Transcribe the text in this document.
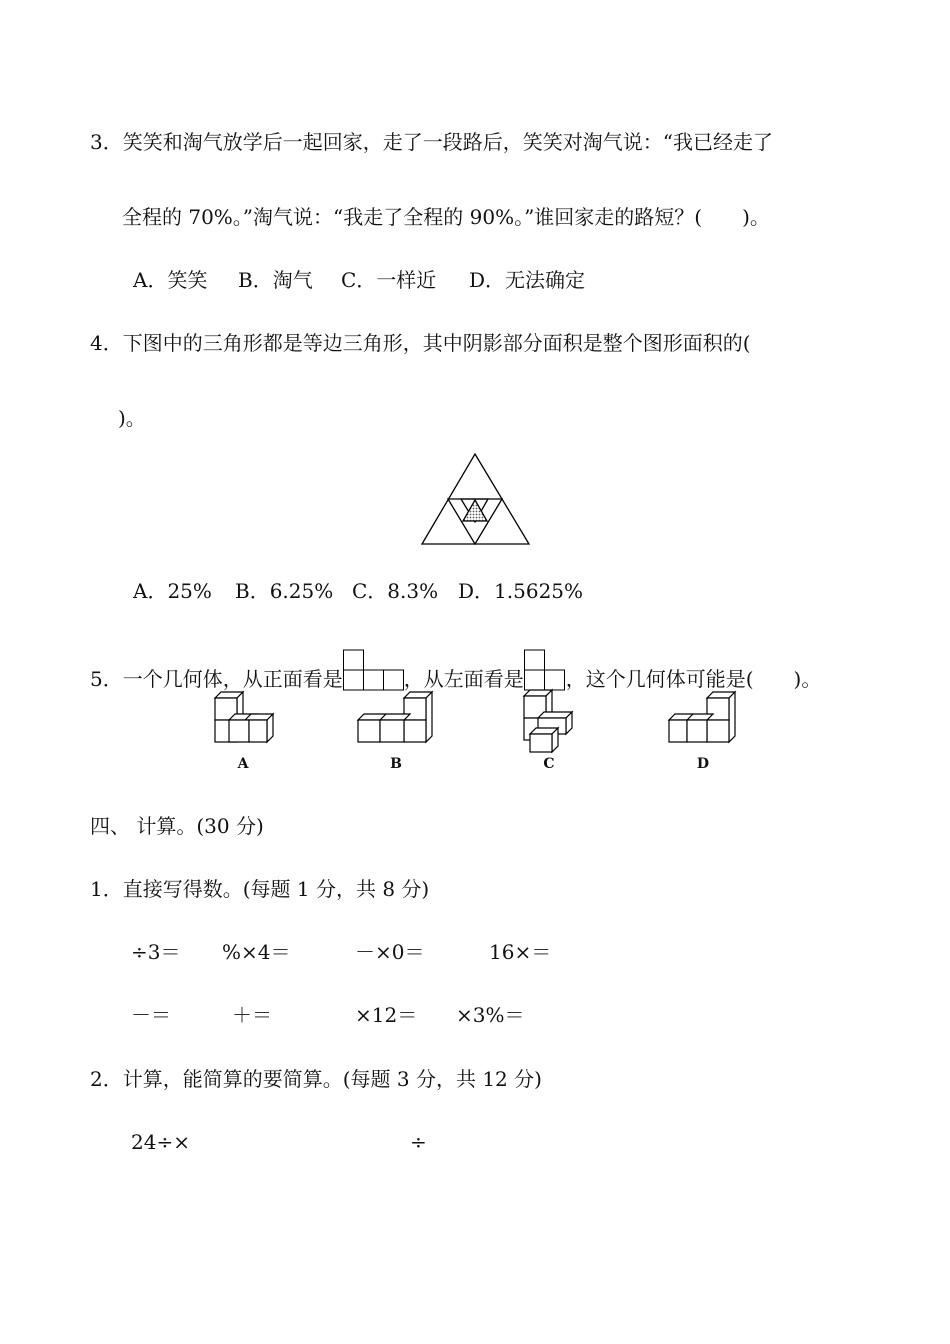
3．笑笑和淘气放学后一起回家，走了一段路后，笑笑对淘气说：“我已经走了
全程的 70%。”淘气说：“我走了全程的 90%。”谁回家走的路短？(　　)。
A．笑笑 B．淘气 C．一样近 D．无法确定
4．下图中的三角形都是等边三角形，其中阴影部分面积是整个图形面积的(
)。
A．25% B．6.25% C．8.3% D．1.5625%
5．一个几何体，从正面看是	，从左面看是 ，这个几何体可能是(　　)。
A	B	C	D
四、 计算。(30 分)
1．直接写得数。(每题 1 分，共 8 分)
÷3＝ %×4＝	－×0＝	16×＝
－＝	＋＝	×12＝ ×3%＝
2．计算，能简算的要简算。(每题 3 分，共 12 分)
24÷×	÷
